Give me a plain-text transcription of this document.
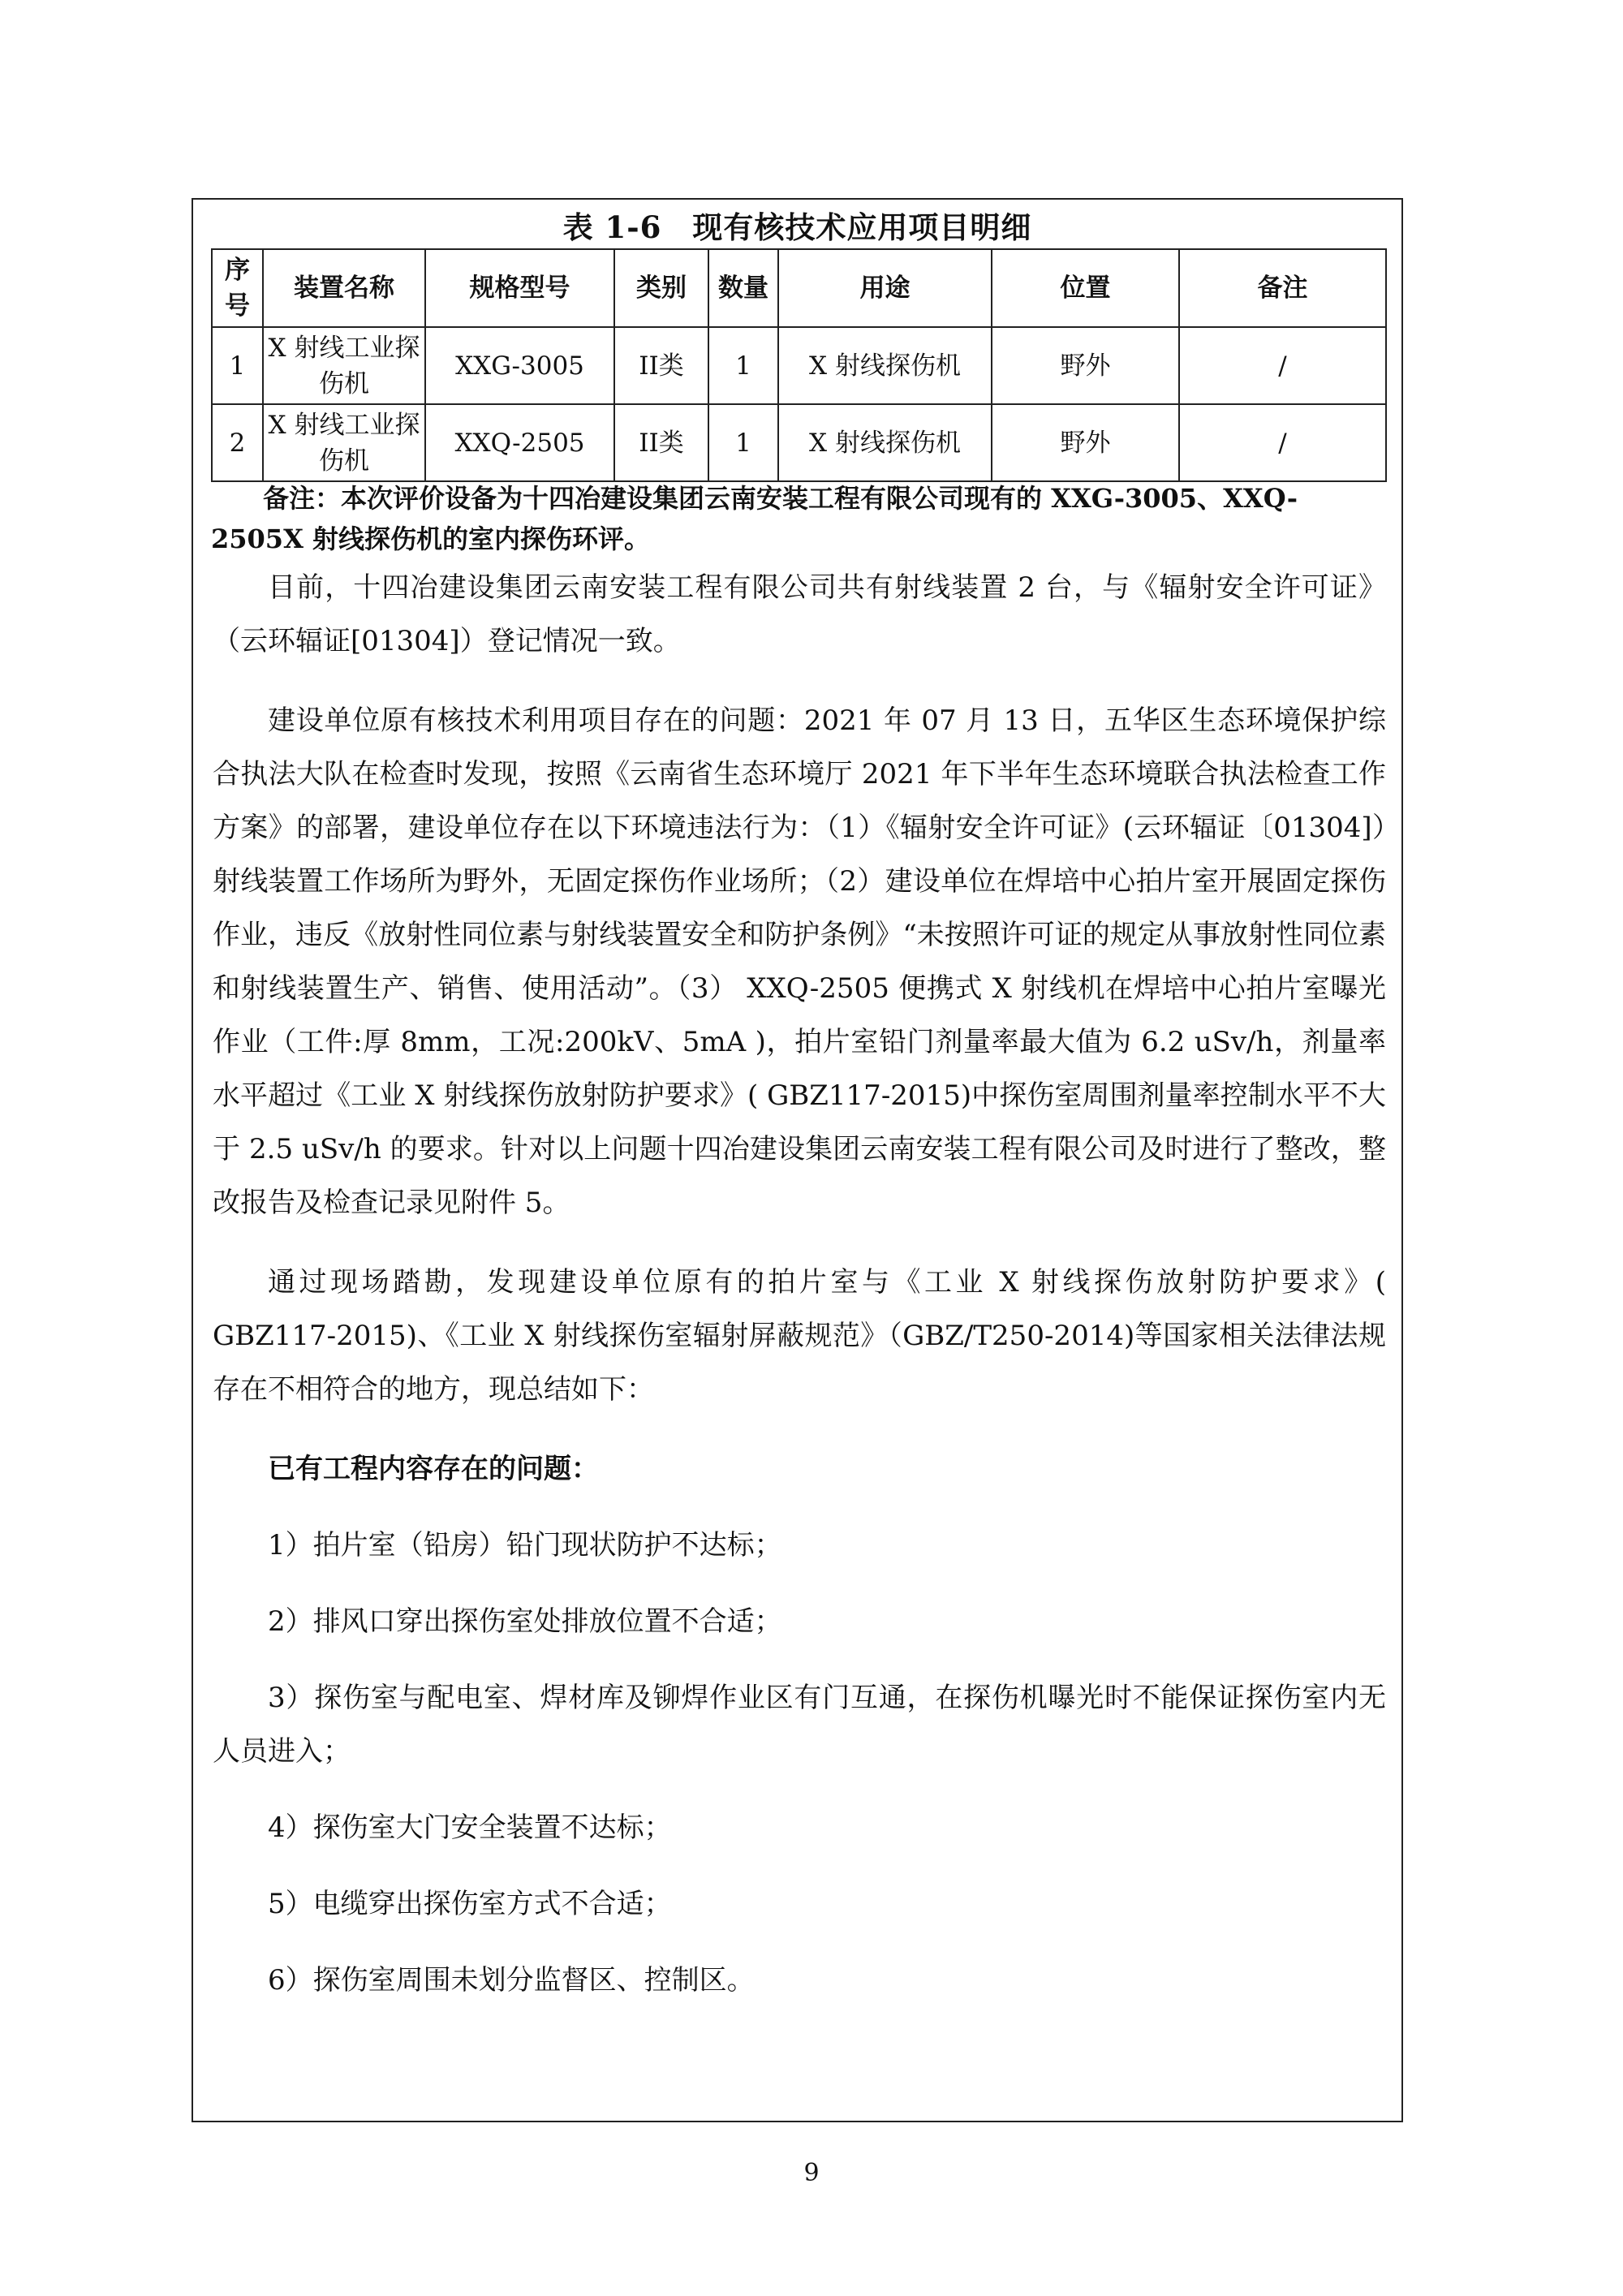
表 1-6　现有核技术应用项目明细
序号	装置名称	规格型号	类别	数量	用途	位置	备注
1	X 射线工业探伤机	XXG-3005	II类	1	X 射线探伤机	野外	/
2	X 射线工业探伤机	XXQ-2505	II类	1	X 射线探伤机	野外	/
备注：本次评价设备为十四冶建设集团云南安装工程有限公司现有的 XXG-3005、XXQ-2505X 射线探伤机的室内探伤环评。

目前，十四冶建设集团云南安装工程有限公司共有射线装置 2 台，与《辐射安全许可证》（云环辐证[01304]）登记情况一致。

建设单位原有核技术利用项目存在的问题：2021 年 07 月 13 日，五华区生态环境保护综合执法大队在检查时发现，按照《云南省生态环境厅 2021 年下半年生态环境联合执法检查工作方案》的部署，建设单位存在以下环境违法行为：（1）《辐射安全许可证》(云环辐证〔01304]）射线装置工作场所为野外，无固定探伤作业场所；（2）建设单位在焊培中心拍片室开展固定探伤作业，违反《放射性同位素与射线装置安全和防护条例》“未按照许可证的规定从事放射性同位素和射线装置生产、销售、使用活动”。（3） XXQ-2505 便携式 X 射线机在焊培中心拍片室曝光作业（工件:厚 8mm，工况:200kV、5mA )，拍片室铅门剂量率最大值为 6.2 uSv/h，剂量率水平超过《工业 X 射线探伤放射防护要求》( GBZ117-2015)中探伤室周围剂量率控制水平不大于 2.5 uSv/h 的要求。针对以上问题十四冶建设集团云南安装工程有限公司及时进行了整改，整改报告及检查记录见附件 5。

通过现场踏勘，发现建设单位原有的拍片室与《工业 X 射线探伤放射防护要求》( GBZ117-2015)、《工业 X 射线探伤室辐射屏蔽规范》（GBZ/T250-2014)等国家相关法律法规存在不相符合的地方，现总结如下：

已有工程内容存在的问题：

1）拍片室（铅房）铅门现状防护不达标；

2）排风口穿出探伤室处排放位置不合适；

3）探伤室与配电室、焊材库及铆焊作业区有门互通，在探伤机曝光时不能保证探伤室内无人员进入；

4）探伤室大门安全装置不达标；

5）电缆穿出探伤室方式不合适；

6）探伤室周围未划分监督区、控制区。

9
